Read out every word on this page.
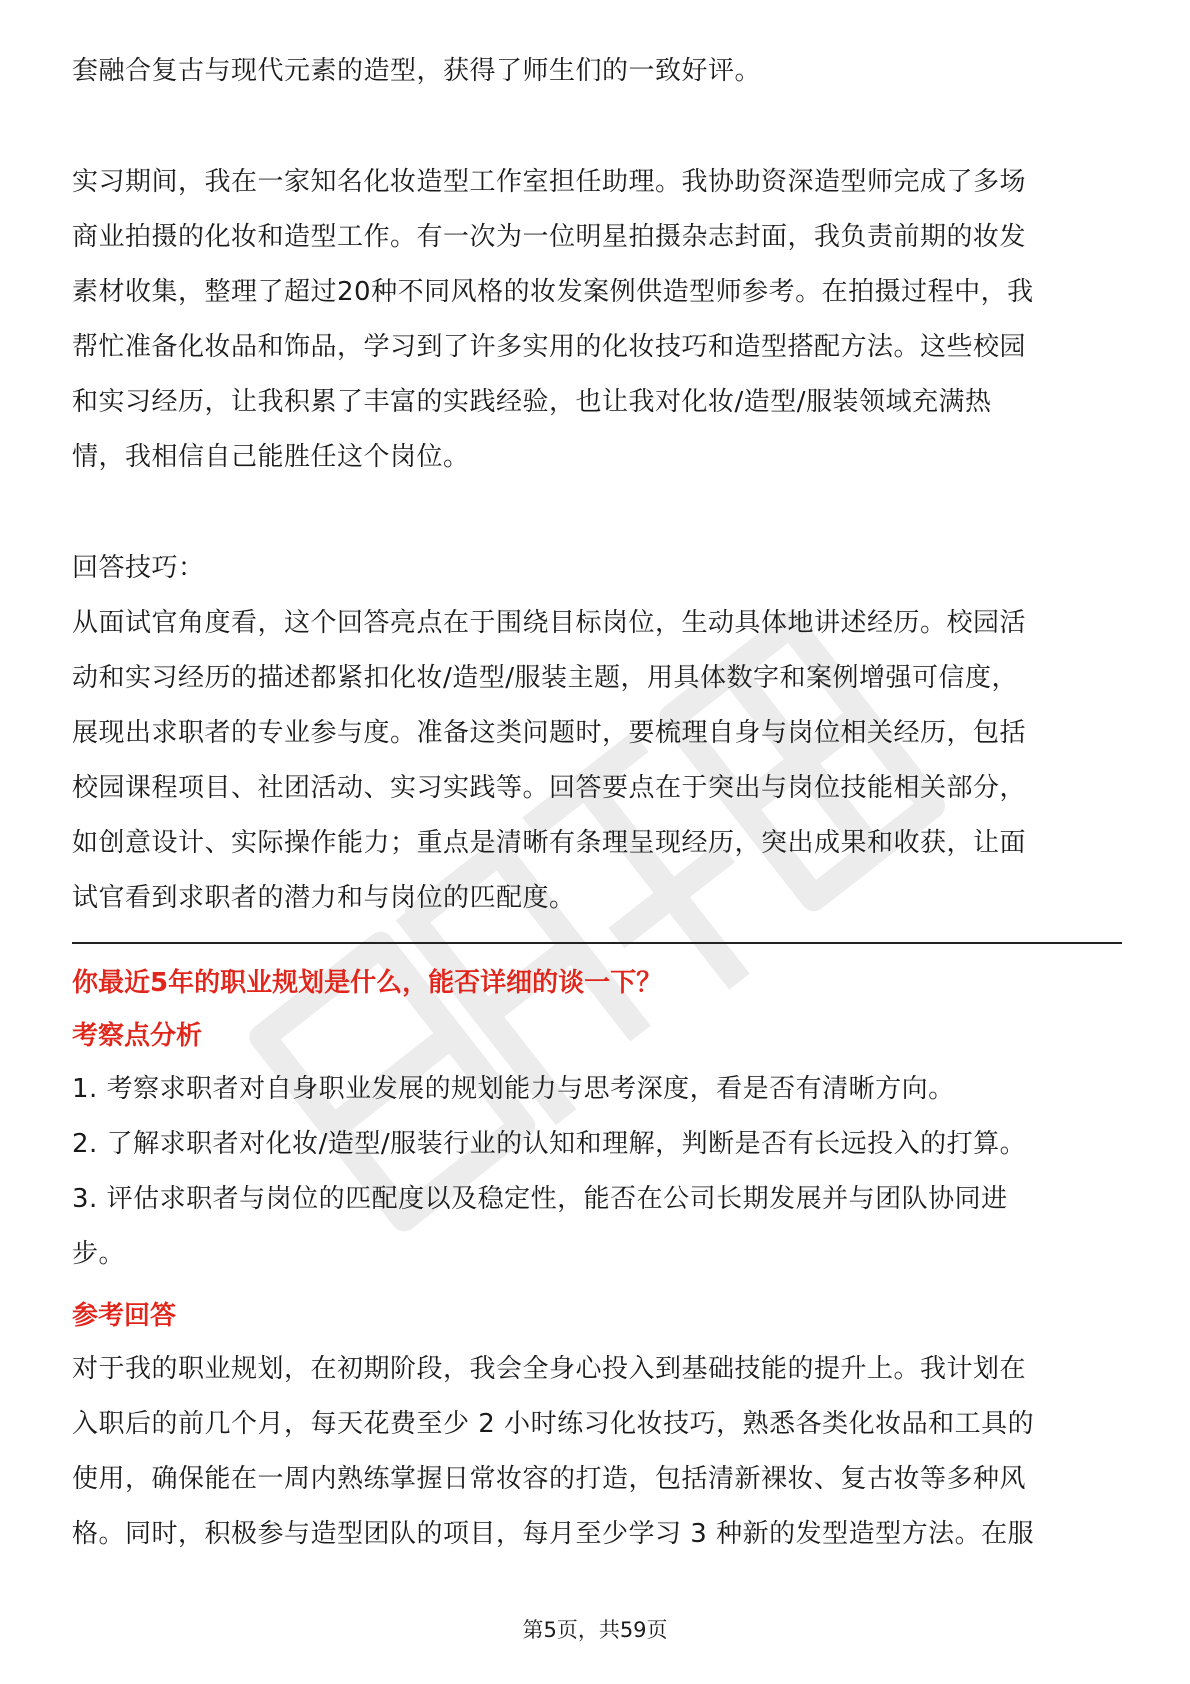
套融合复古与现代元素的造型，获得了师生们的一致好评。

实习期间，我在一家知名化妆造型工作室担任助理。我协助资深造型师完成了多场

商业拍摄的化妆和造型工作。有一次为一位明星拍摄杂志封面，我负责前期的妆发

素材收集，整理了超过20种不同风格的妆发案例供造型师参考。在拍摄过程中，我

帮忙准备化妆品和饰品，学习到了许多实用的化妆技巧和造型搭配方法。这些校园

和实习经历，让我积累了丰富的实践经验，也让我对化妆/造型/服装领域充满热

情，我相信自己能胜任这个岗位。

回答技巧：

从面试官角度看，这个回答亮点在于围绕目标岗位，生动具体地讲述经历。校园活

动和实习经历的描述都紧扣化妆/造型/服装主题，用具体数字和案例增强可信度，

展现出求职者的专业参与度。准备这类问题时，要梳理自身与岗位相关经历，包括

校园课程项目、社团活动、实习实践等。回答要点在于突出与岗位技能相关部分，

如创意设计、实际操作能力；重点是清晰有条理呈现经历，突出成果和收获，让面

试官看到求职者的潜力和与岗位的匹配度。

你最近5年的职业规划是什么，能否详细的谈一下？
考察点分析

1. 考察求职者对自身职业发展的规划能力与思考深度，看是否有清晰方向。

2. 了解求职者对化妆/造型/服装行业的认知和理解，判断是否有长远投入的打算。

3. 评估求职者与岗位的匹配度以及稳定性，能否在公司长期发展并与团队协同进

步。

参考回答

对于我的职业规划，在初期阶段，我会全身心投入到基础技能的提升上。我计划在

入职后的前几个月，每天花费至少 2 小时练习化妆技巧，熟悉各类化妆品和工具的

使用，确保能在一周内熟练掌握日常妆容的打造，包括清新裸妆、复古妆等多种风

格。同时，积极参与造型团队的项目，每月至少学习 3 种新的发型造型方法。在服

第5页，共59页
